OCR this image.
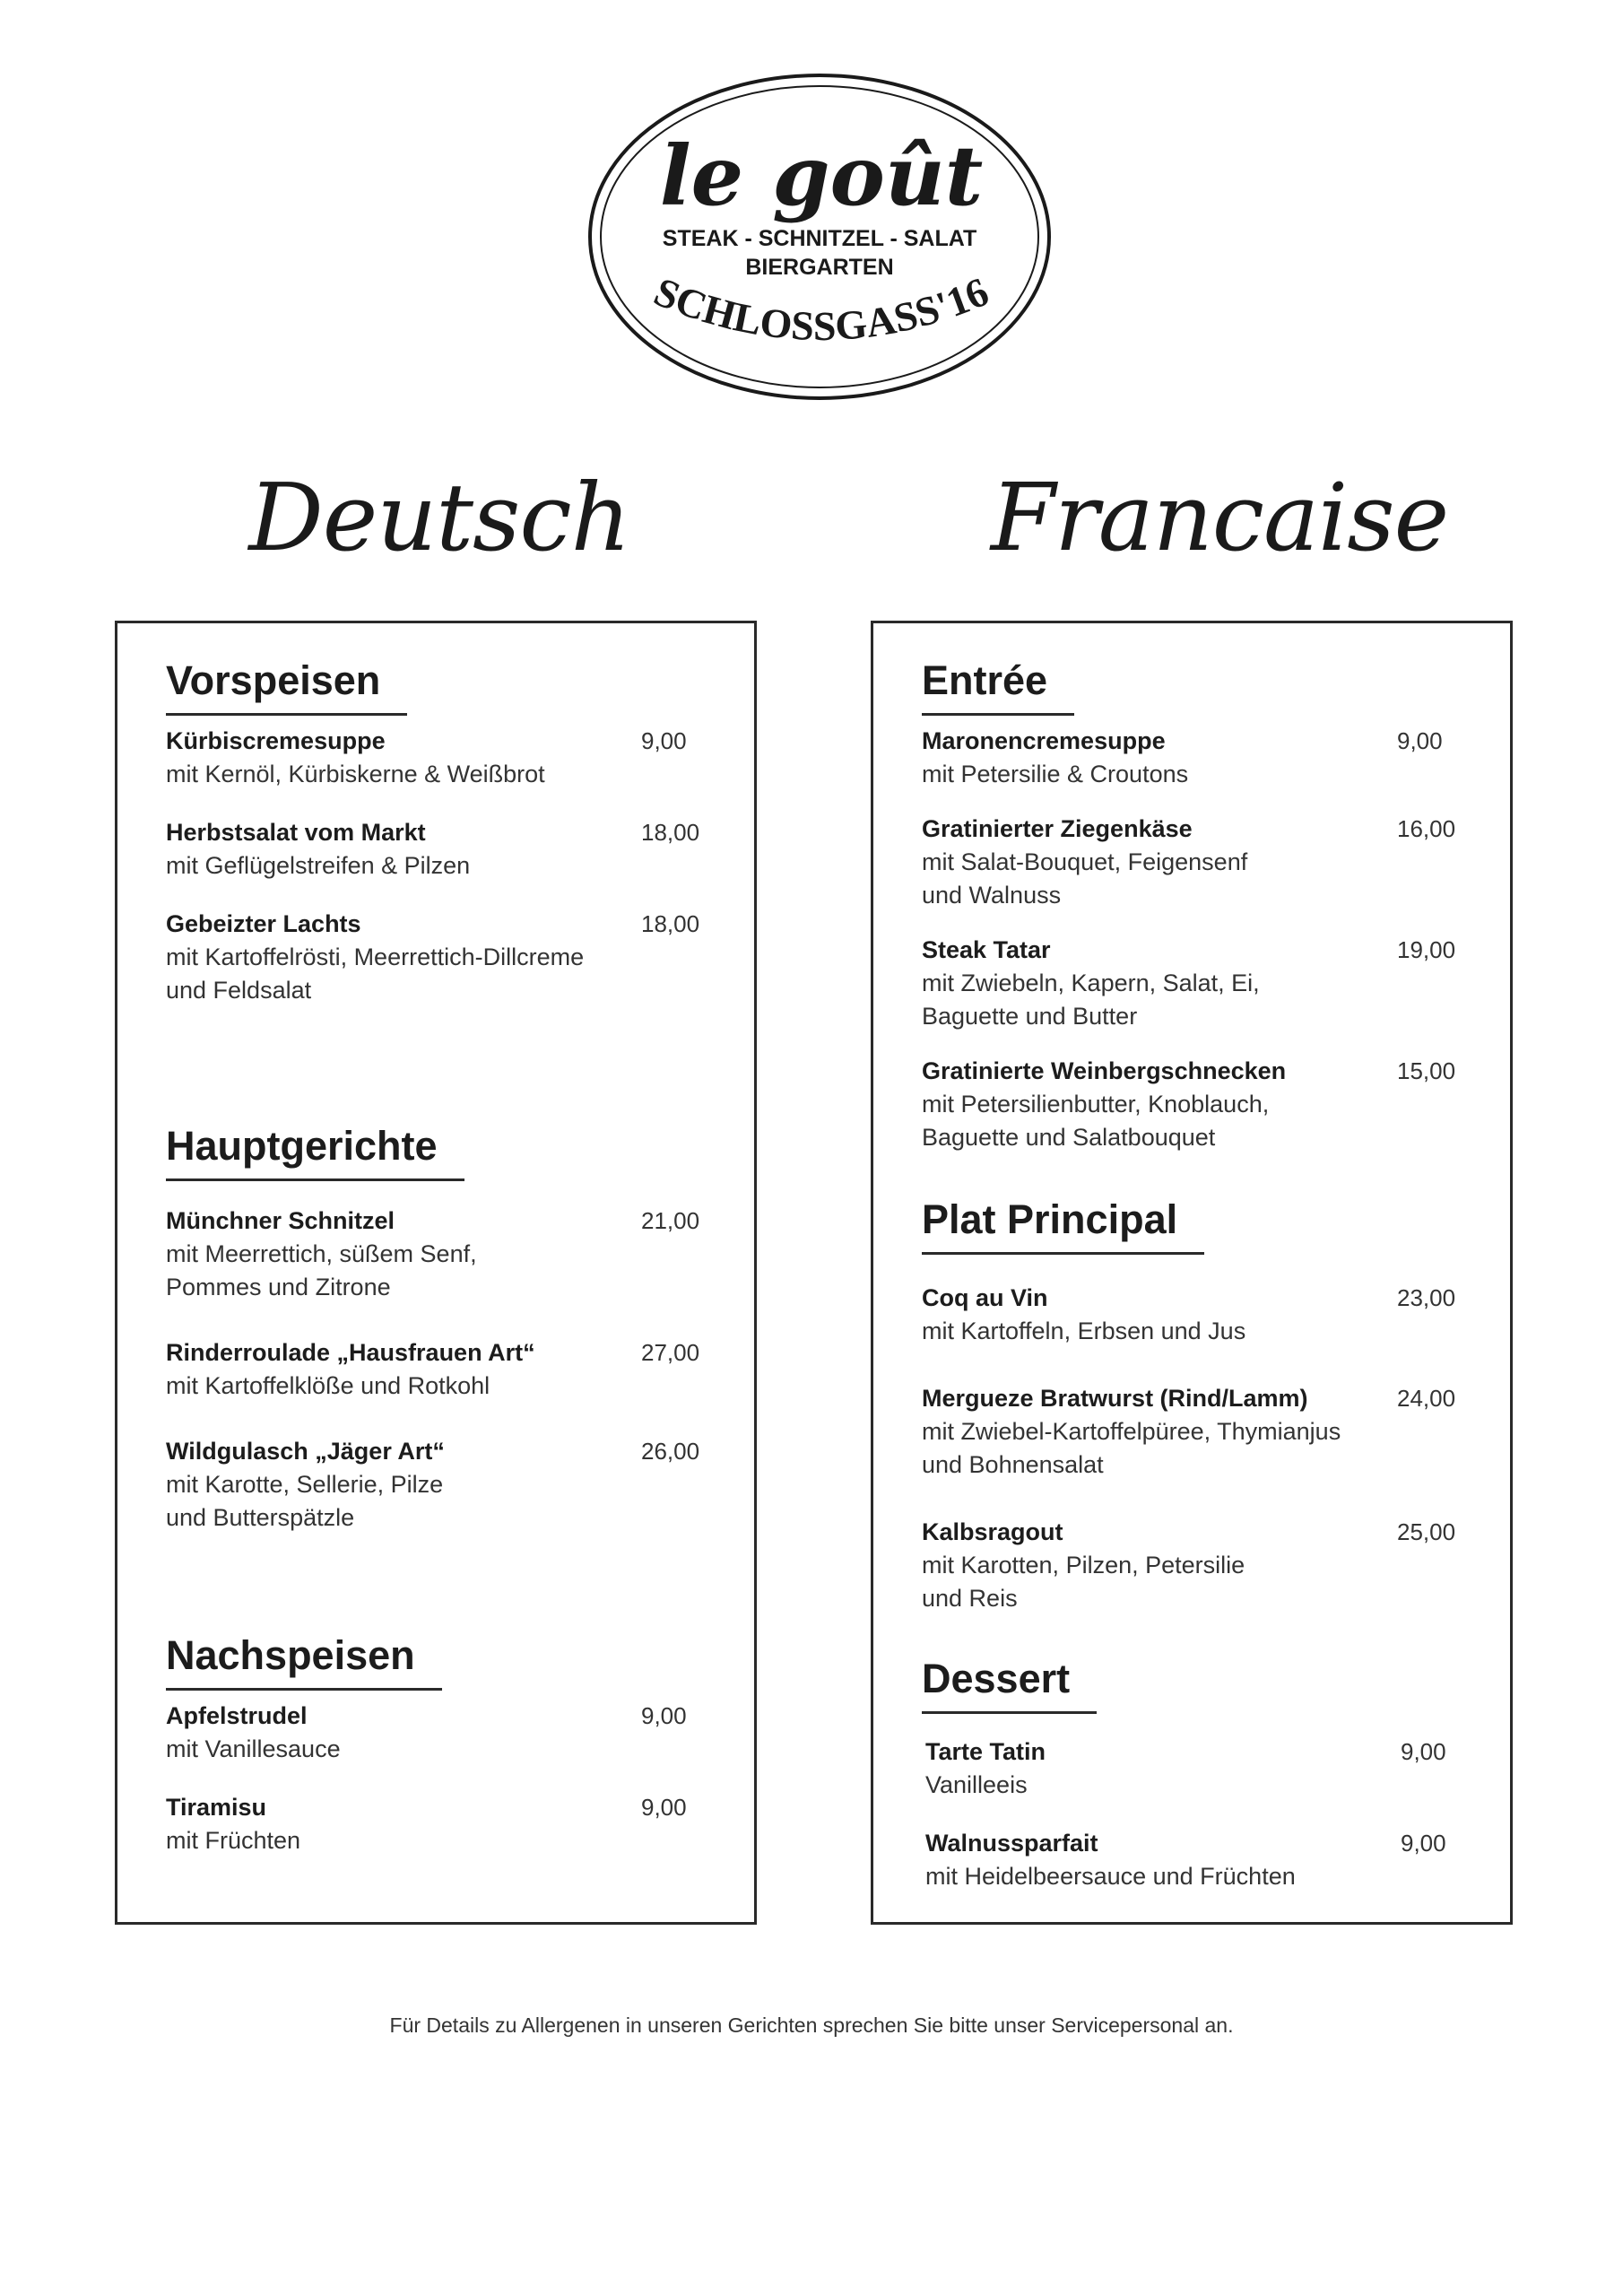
le goût
STEAK - SCHNITZEL - SALAT
BIERGARTEN
SCHLOSSGASS'16
Deutsch	Francaise
Vorspeisen
Kürbiscremesuppe
mit Kernöl, Kürbiskerne & Weißbrot
9,00
Herbstsalat vom Markt
mit Geflügelstreifen & Pilzen
18,00
Gebeizter Lachts
mit Kartoffelrösti, Meerrettich-Dillcreme
und Feldsalat
18,00
Hauptgerichte
Münchner Schnitzel
mit Meerrettich, süßem Senf,
Pommes und Zitrone
21,00
Rinderroulade „Hausfrauen Art“
mit Kartoffelklöße und Rotkohl
27,00
Wildgulasch „Jäger Art“
mit Karotte, Sellerie, Pilze
und Butterspätzle
26,00
Nachspeisen
Apfelstrudel
mit Vanillesauce
9,00
Tiramisu
mit Früchten
9,00
Entrée
Maronencremesuppe
mit Petersilie & Croutons
9,00
Gratinierter Ziegenkäse
mit Salat-Bouquet, Feigensenf
und Walnuss
16,00
Steak Tatar
mit Zwiebeln, Kapern, Salat, Ei,
Baguette und Butter
19,00
Gratinierte Weinbergschnecken
mit Petersilienbutter, Knoblauch,
Baguette und Salatbouquet
15,00
Plat Principal
Coq au Vin
mit Kartoffeln, Erbsen und Jus
23,00
Mergueze Bratwurst (Rind/Lamm)
mit Zwiebel-Kartoffelpüree, Thymianjus
und Bohnensalat
24,00
Kalbsragout
mit Karotten, Pilzen, Petersilie
und Reis
25,00
Dessert
Tarte Tatin
Vanilleeis
9,00
Walnussparfait
mit Heidelbeersauce und Früchten
9,00
Für Details zu Allergenen in unseren Gerichten sprechen Sie bitte unser Servicepersonal an.
